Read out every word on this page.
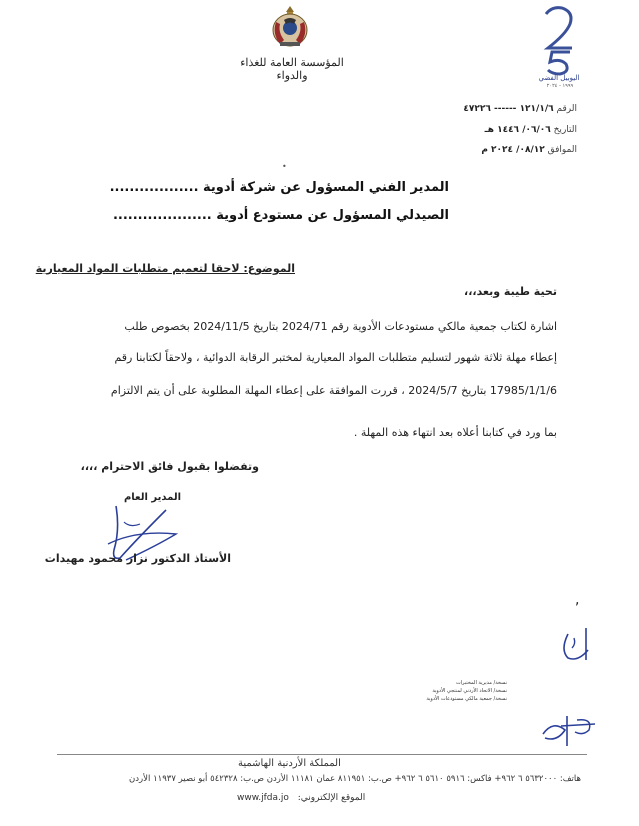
المؤسسة العامة للغذاء والدواء	اليوبيل الفضي
١٩٩٩ - ٢٠٢٤
الرقم ١٢١/١/٦ ------ ٤٧٢٢٦
التاريخ ٠٦/٠٦/ ١٤٤٦ هـ
الموافق ٠٨/١٢/ ٢٠٢٤ م
•
المدير الفني المسؤول عن شركة أدوية ..................
الصيدلي المسؤول عن مستودع أدوية ....................
الموضوع: لاحقا لتعميم متطلبات المواد المعيارية
تحية طيبة وبعد،،،
اشارة لكتاب جمعية مالكي مستودعات الأدوية رقم 2024/71 بتاريخ 2024/11/5 بخصوص طلب
إعطاء مهلة ثلاثة شهور لتسليم متطلبات المواد المعيارية لمختبر الرقابة الدوائية ، ولاحقاً لكتابنا رقم
17985/1/1/6 بتاريخ 2024/5/7 ، قررت الموافقة على إعطاء المهلة المطلوبة على أن يتم الالتزام
بما ورد في كتابنا أعلاه بعد انتهاء هذه المهلة .
وتفضلوا بقبول فائق الاحترام ،،،،
المدير العام
الأستاذ الدكتور نزار محمود مهيدات
,
نسخة/ مديرية المختبرات
نسخة/ الاتحاد الأردني لمنتجي الأدوية
نسخة/ جمعية مالكي مستودعات الأدوية
المملكة الأردنية الهاشمية
هاتف: ٥٦٣٢٠٠٠ ٦ ٩٦٢+ فاكس: ٥٩١٦ ٥٦١٠ ٦ ٩٦٢+ ص.ب: ٨١١٩٥١ عمان ١١١٨١ الأردن ص.ب: ٥٤٢٣٢٨ أبو نصير ١١٩٣٧ الأردن
الموقع الإلكتروني: www.jfda.jo
